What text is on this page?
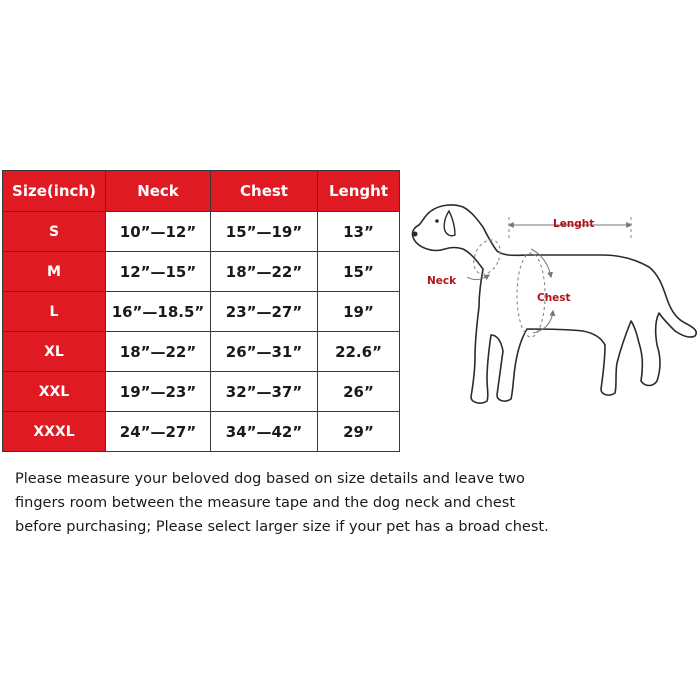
Size(inch)	Neck	Chest	Lenght
S	10”—12”	15”—19”	13”
M	12”—15”	18”—22”	15”
L	16”—18.5”	23”—27”	19”
XL	18”—22”	26”—31”	22.6”
XXL	19”—23”	32”—37”	26”
XXXL	24”—27”	34”—42”	29”
Lenght
Neck
Chest

Please measure your beloved dog based on size details and leave two
fingers room between the measure tape and the dog neck and chest
before purchasing; Please select larger size if your pet has a broad chest.
